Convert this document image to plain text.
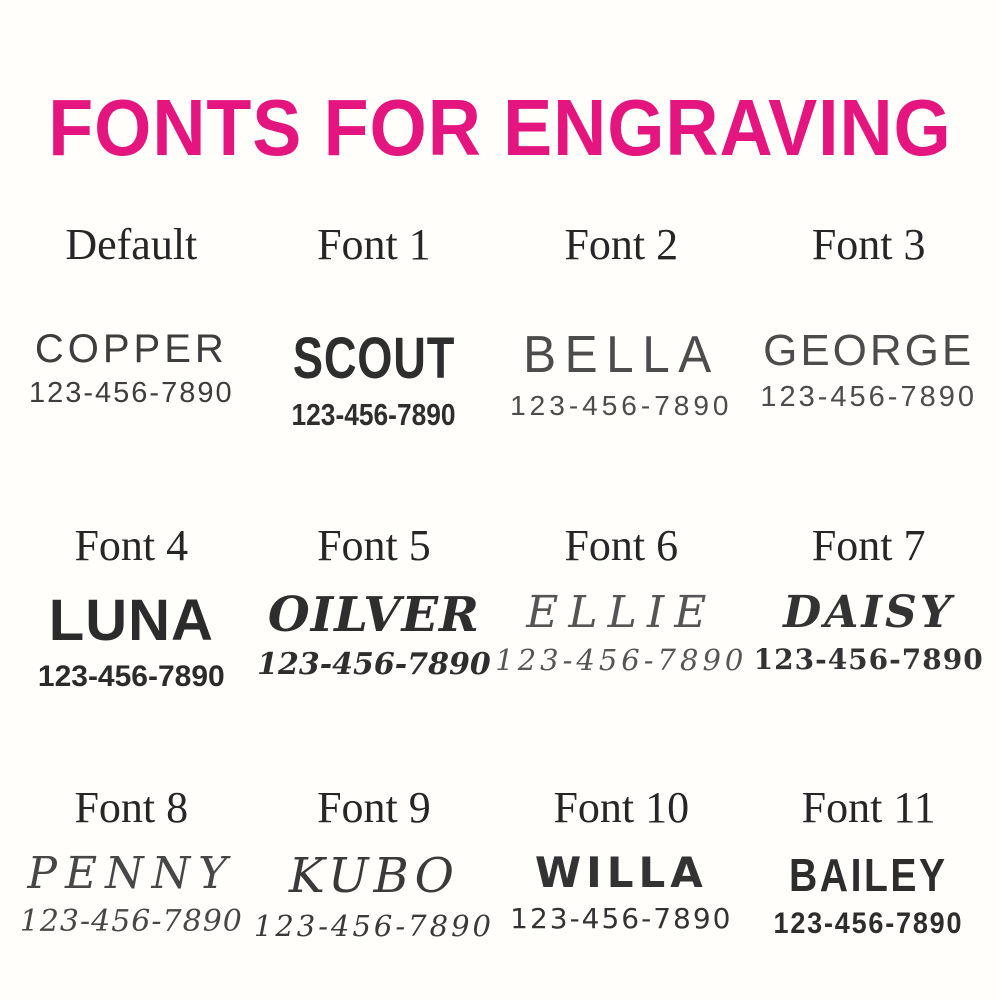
FONTS FOR ENGRAVING
Default
COPPER
123-456-7890
Font 1
SCOUT 123-456-7890
Font 2
BELLA
123-456-7890
Font 3
GEORGE
123-456-7890
Font 4
LUNA
123-456-7890
Font 5
OILVER
123-456-7890
Font 6
ELLIE
123-456-7890
Font 7
DAISY
123-456-7890
Font 8
PENNY
123-456-7890
Font 9
KUBO
123-456-7890
Font 10
WILLA
123-456-7890
Font 11
BAILEY 123-456-7890
